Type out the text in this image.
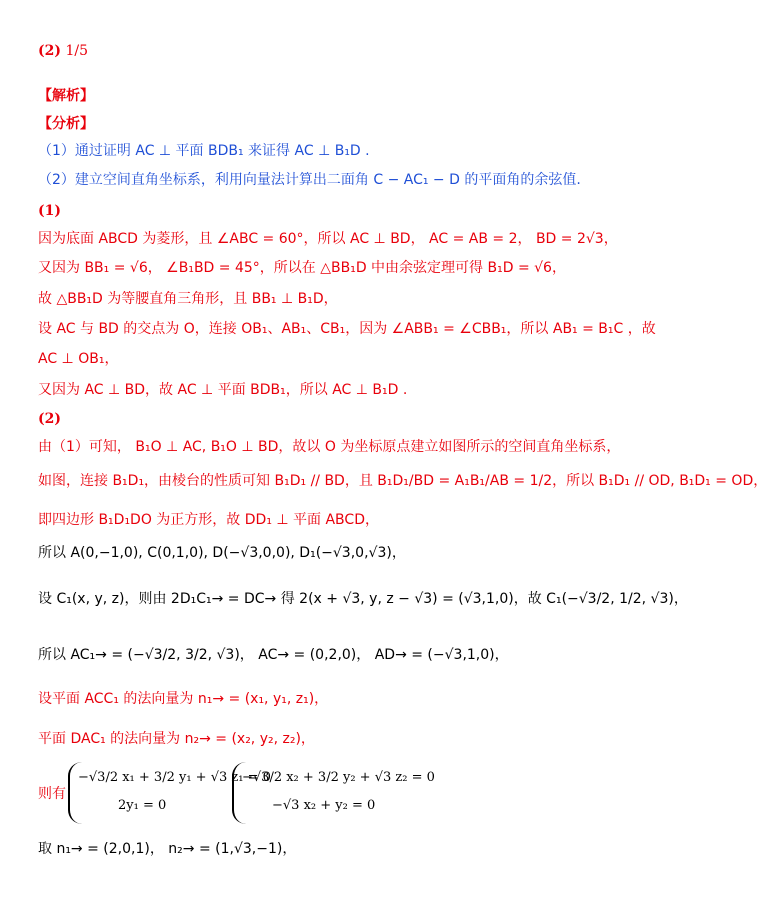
(2) 1/5
【解析】
【分析】
（1）通过证明 AC ⊥ 平面 BDB₁ 来证得 AC ⊥ B₁D .
（2）建立空间直角坐标系，利用向量法计算出二面角 C − AC₁ − D 的平面角的余弦值.
(1)
因为底面 ABCD 为菱形，且 ∠ABC = 60°，所以 AC ⊥ BD， AC = AB = 2， BD = 2√3，
又因为 BB₁ = √6， ∠B₁BD = 45°，所以在 △BB₁D 中由余弦定理可得 B₁D = √6，
故 △BB₁D 为等腰直角三角形，且 BB₁ ⊥ B₁D，
设 AC 与 BD 的交点为 O，连接 OB₁、AB₁、CB₁，因为 ∠ABB₁ = ∠CBB₁，所以 AB₁ = B₁C ，故
AC ⊥ OB₁，
又因为 AC ⊥ BD，故 AC ⊥ 平面 BDB₁，所以 AC ⊥ B₁D .
(2)
由（1）可知， B₁O ⊥ AC, B₁O ⊥ BD，故以 O 为坐标原点建立如图所示的空间直角坐标系，
如图，连接 B₁D₁，由棱台的性质可知 B₁D₁ // BD，且 B₁D₁/BD = A₁B₁/AB = 1/2，所以 B₁D₁ // OD, B₁D₁ = OD，
即四边形 B₁D₁DO 为正方形，故 DD₁ ⊥ 平面 ABCD，
所以 A(0,−1,0), C(0,1,0), D(−√3,0,0), D₁(−√3,0,√3)，
设 C₁(x, y, z)，则由 2D₁C₁→ = DC→ 得 2(x + √3, y, z − √3) = (√3,1,0)，故 C₁(−√3/2, 1/2, √3)，
所以 AC₁→ = (−√3/2, 3/2, √3)， AC→ = (0,2,0)， AD→ = (−√3,1,0)，
设平面 ACC₁ 的法向量为 n₁→ = (x₁, y₁, z₁)，
平面 DAC₁ 的法向量为 n₂→ = (x₂, y₂, z₂)，
则有
−√3/2 x₁ + 3/2 y₁ + √3 z₁ = 0
2y₁ = 0
−√3/2 x₂ + 3/2 y₂ + √3 z₂ = 0
−√3 x₂ + y₂ = 0
取 n₁→ = (2,0,1)， n₂→ = (1,√3,−1)，
